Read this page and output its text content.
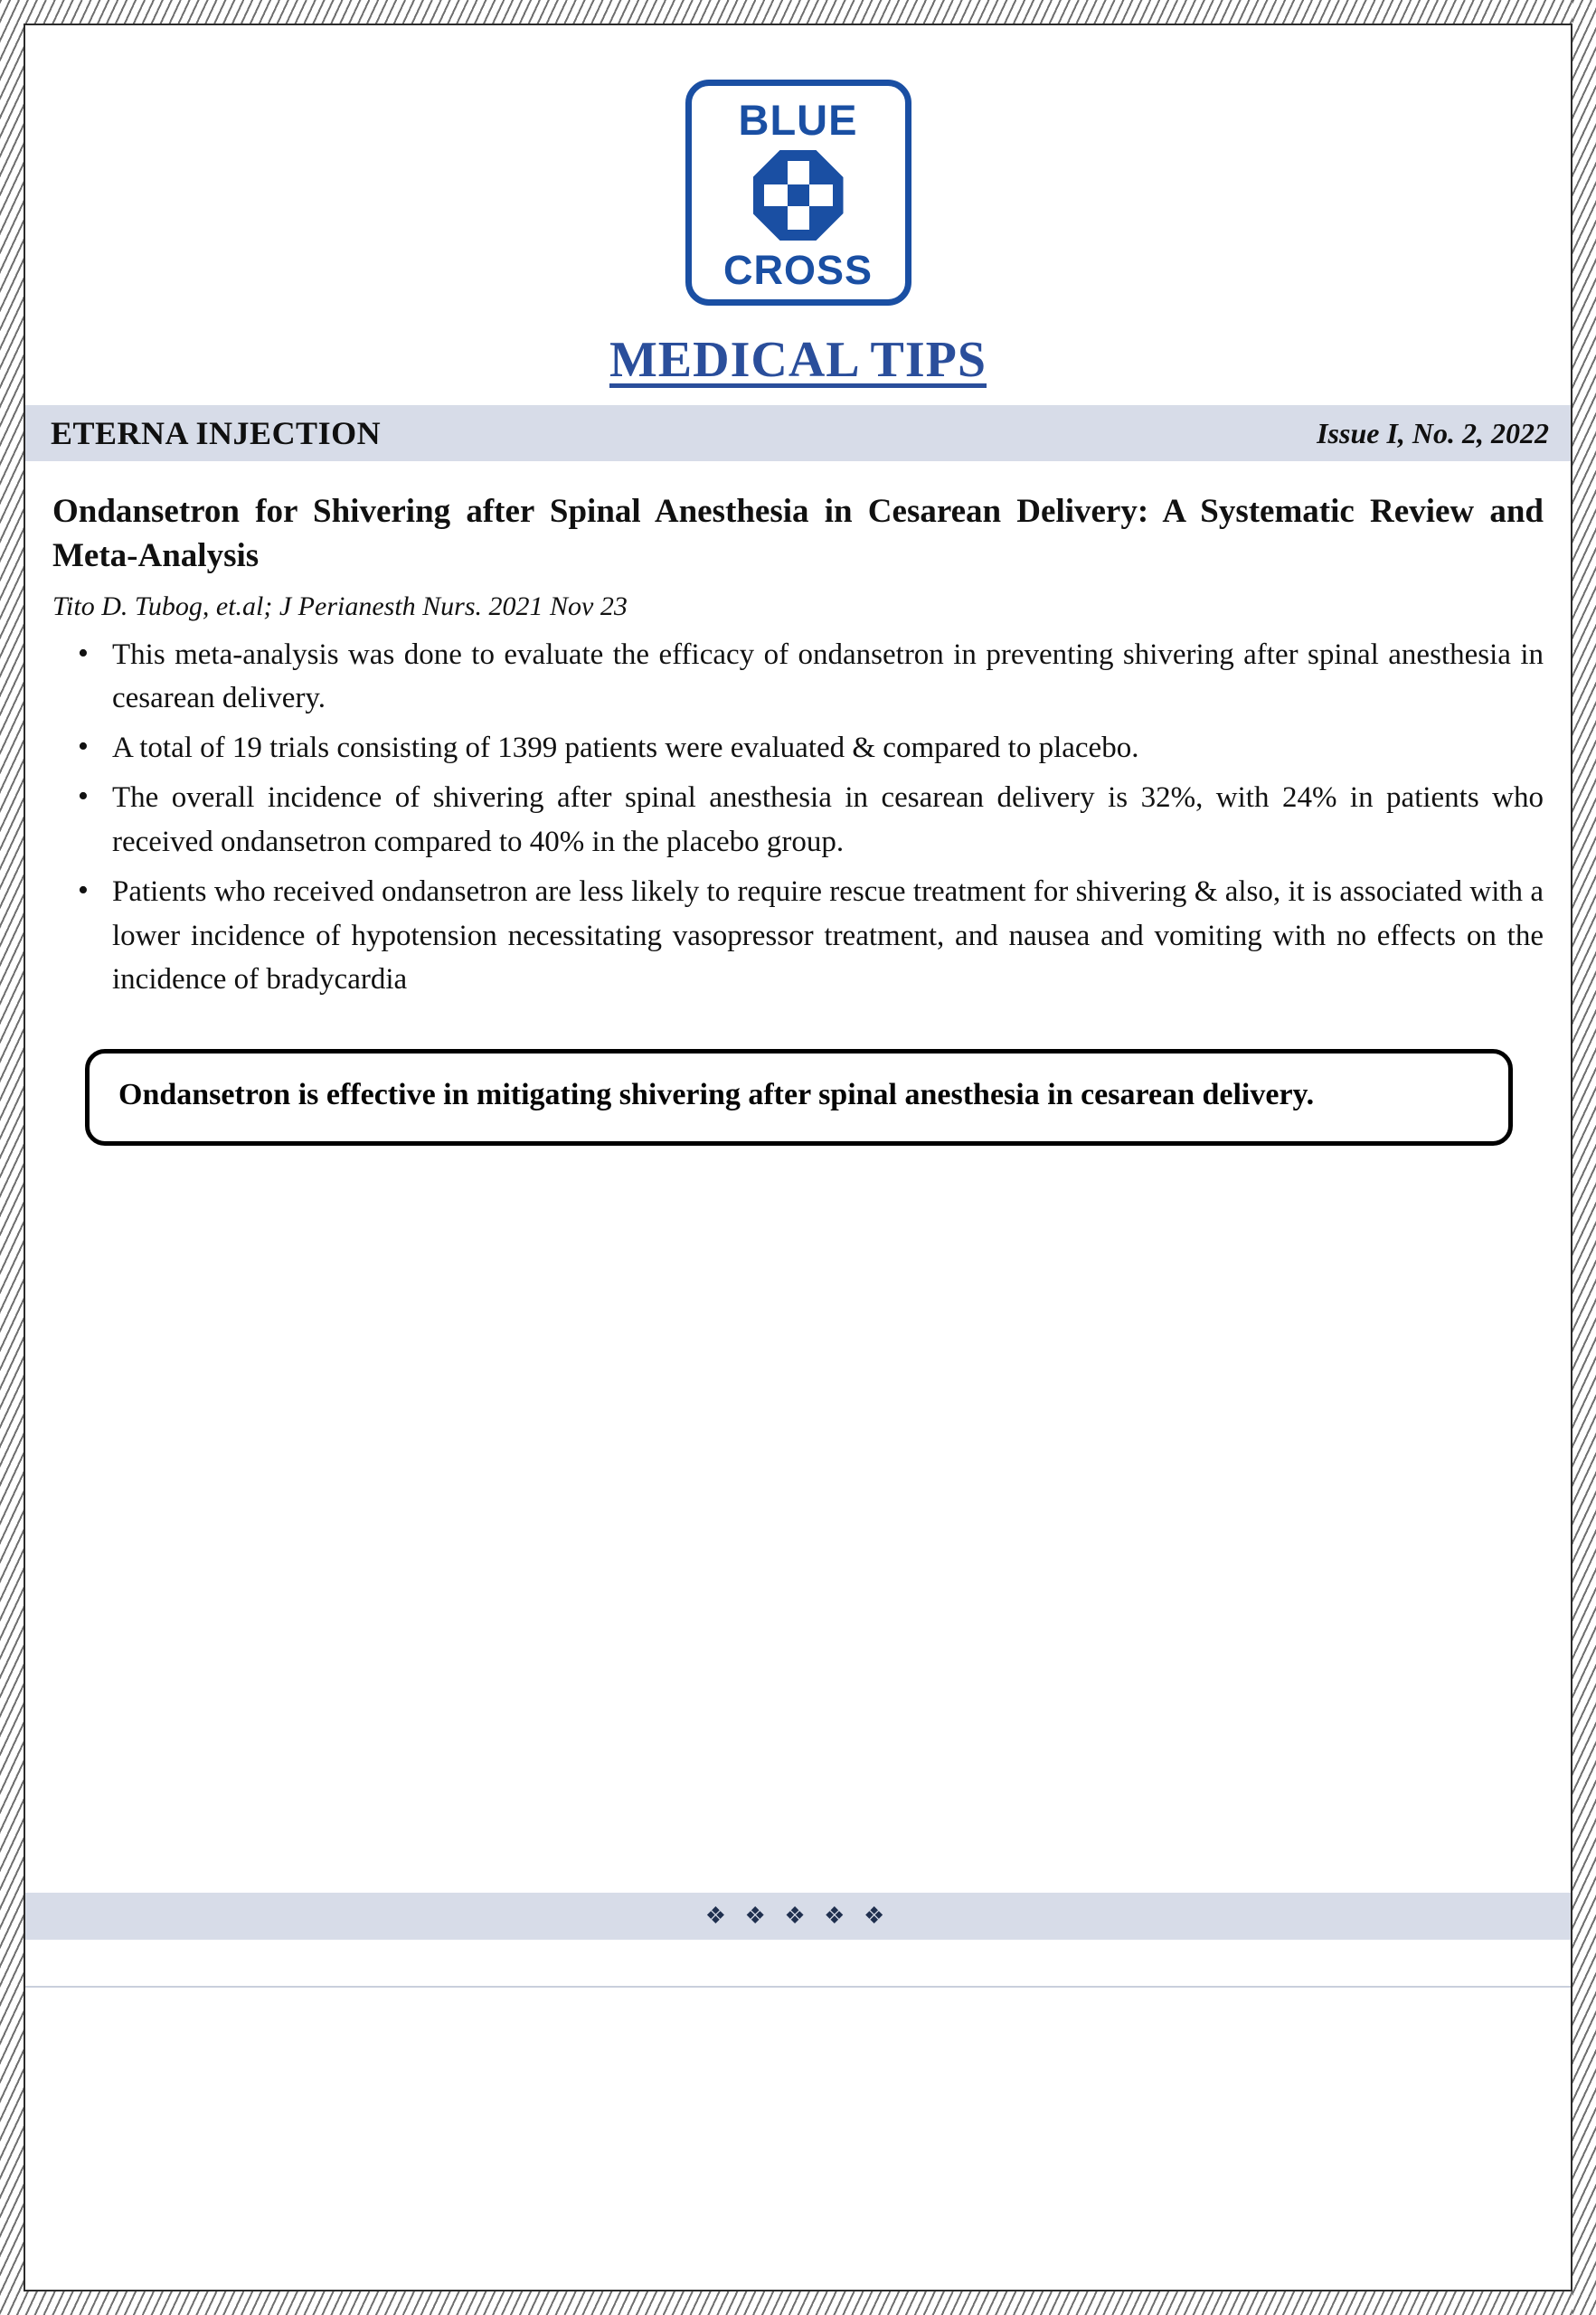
BLUE
CROSS
MEDICAL TIPS
ETERNA INJECTION	Issue I, No. 2, 2022
Ondansetron for Shivering after Spinal Anesthesia in Cesarean Delivery: A Systematic Review and Meta-Analysis
Tito D. Tubog, et.al; J Perianesth Nurs. 2021 Nov 23
• This meta-analysis was done to evaluate the efficacy of ondansetron in preventing shivering after spinal anesthesia in cesarean delivery.
• A total of 19 trials consisting of 1399 patients were evaluated & compared to placebo.
• The overall incidence of shivering after spinal anesthesia in cesarean delivery is 32%, with 24% in patients who received ondansetron compared to 40% in the placebo group.
• Patients who received ondansetron are less likely to require rescue treatment for shivering & also, it is associated with a lower incidence of hypotension necessitating vasopressor treatment, and nausea and vomiting with no effects on the incidence of bradycardia

Ondansetron is effective in mitigating shivering after spinal anesthesia in cesarean delivery.

❖ ❖ ❖ ❖ ❖
